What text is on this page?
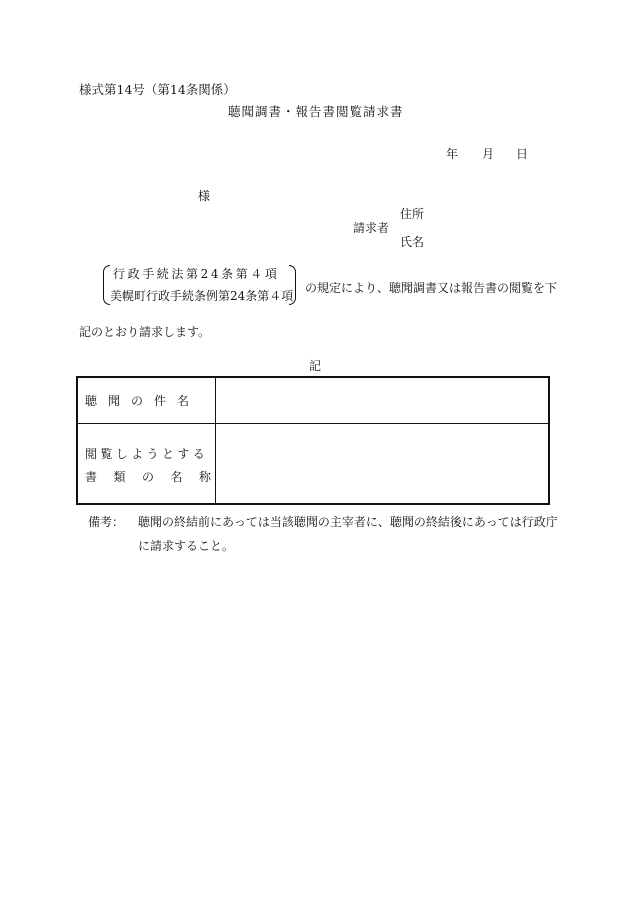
様式第14号（第14条関係）
聴聞調書・報告書閲覧請求書
年 月 日
様
請求者
住所
氏名
行政手続法第24条第４項
美幌町行政手続条例第24条第４項
の規定により、聴聞調書又は報告書の閲覧を下
記のとおり請求します。
記
聴聞の件名
閲覧しようとする
書類の名称
備考： 聴聞の終結前にあっては当該聴聞の主宰者に、聴聞の終結後にあっては行政庁
に請求すること。
